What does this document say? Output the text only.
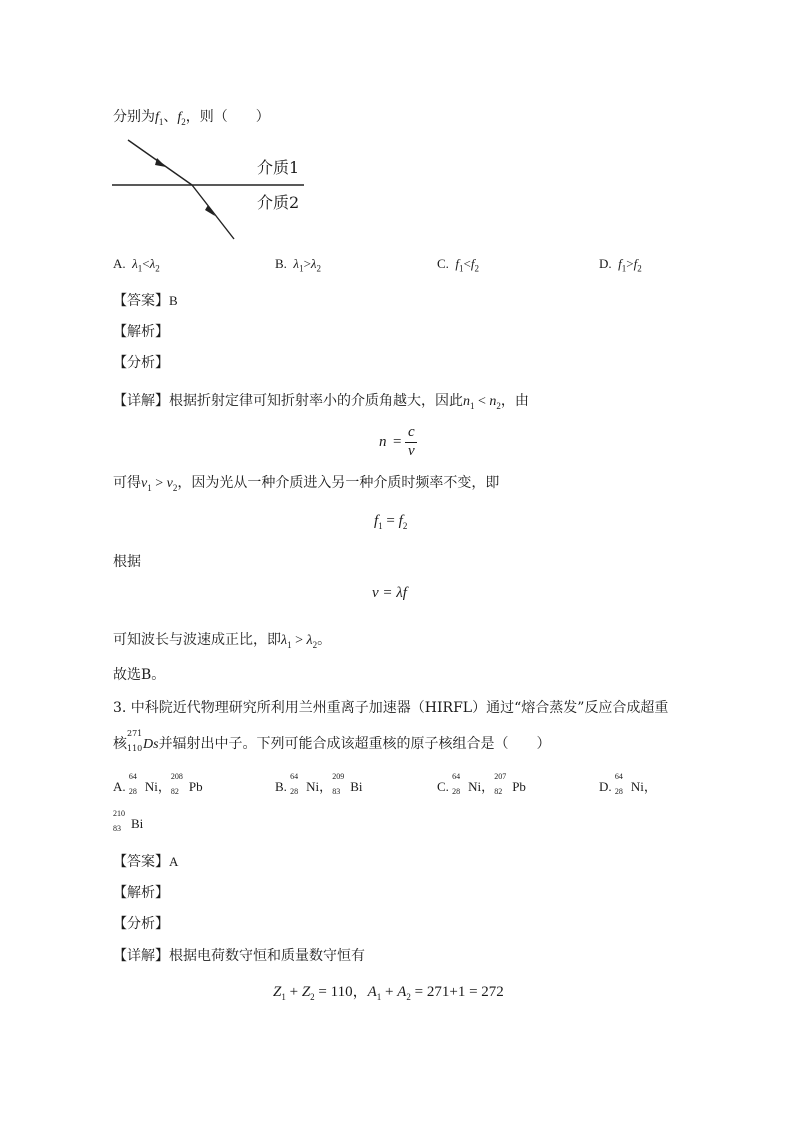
分别为$f_1$、$f_2$，则（　　）
介质1
介质2
A. $\lambda_1<\lambda_2$	B. $\lambda_1>\lambda_2$	C. $f_1<f_2$	D. $f_1>f_2$
【答案】B
【解析】
【分析】
【详解】根据折射定律可知折射率小的介质角越大，因此$n_1 < n_2$，由
n =
c
v
可得$v_1 > v_2$，因为光从一种介质进入另一种介质时频率不变，即
$f_1 = f_2$
根据
v = λf
可知波长与波速成正比，即$\lambda_1 > \lambda_2$。
故选B。
3. 中科院近代物理研究所利用兰州重离子加速器（HIRFL）通过“熔合蒸发”反应合成超重
核
271
110 Ds并辐射出中子。下列可能合成该超重核的原子核组合是（　　）
A.
64
28 Ni，
208
82 Pb	B.
64
28 Ni，
209
83 Bi	C.
64
28 Ni，
207
82 Pb	D.
64
28 Ni，
210
83 Bi
【答案】A
【解析】
【分析】
【详解】根据电荷数守恒和质量数守恒有
$Z_1 + Z_2 = 110$，$A_1 + A_2 = 271+1 = 272$
